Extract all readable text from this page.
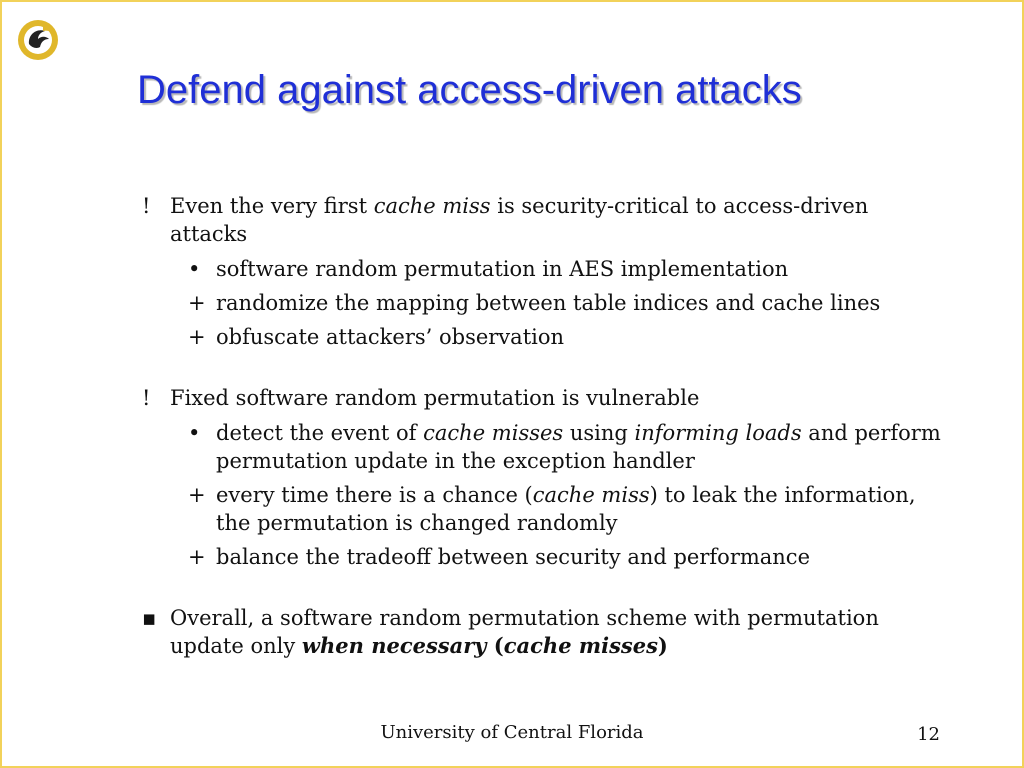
Defend against access-driven attacks
! Even the very first cache miss is security-critical to access-driven attacks
• software random permutation in AES implementation
+ randomize the mapping between table indices and cache lines
+ obfuscate attackers’ observation
! Fixed software random permutation is vulnerable
• detect the event of cache misses using informing loads and perform permutation update in the exception handler
+ every time there is a chance (cache miss) to leak the information, the permutation is changed randomly
+ balance the tradeoff between security and performance
▪ Overall, a software random permutation scheme with permutation update only when necessary (cache misses)
University of Central Florida	12
